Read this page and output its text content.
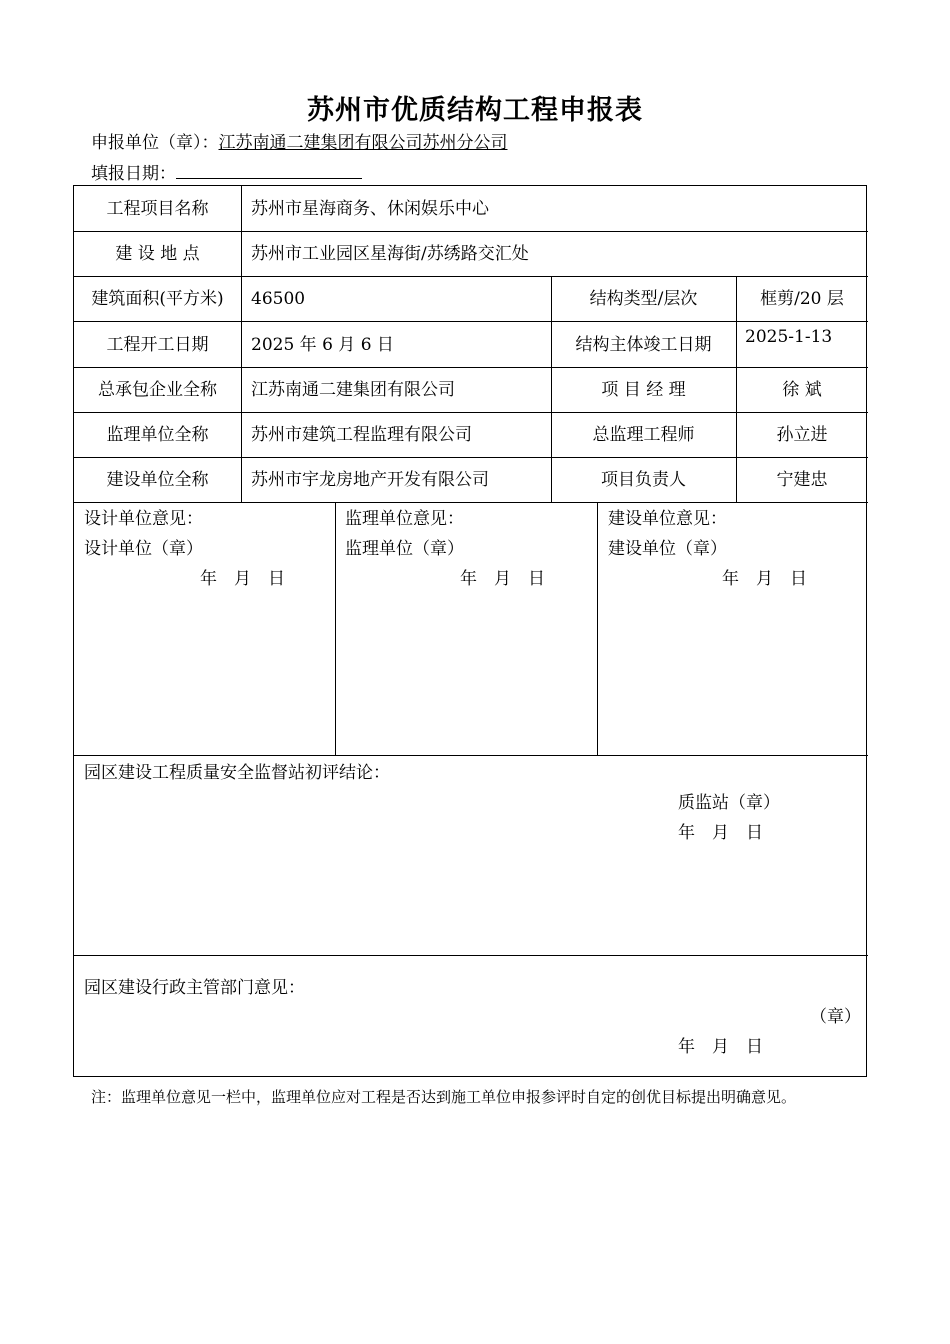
苏州市优质结构工程申报表
申报单位（章）：江苏南通二建集团有限公司苏州分公司
填报日期：
工程项目名称	苏州市星海商务、休闲娱乐中心
建 设 地 点	苏州市工业园区星海街/苏绣路交汇处
建筑面积(平方米)	46500	结构类型/层次	框剪/20 层
工程开工日期	2025 年 6 月 6 日	结构主体竣工日期	2025-1-13
总承包企业全称	江苏南通二建集团有限公司	项 目 经 理	徐 斌
监理单位全称	苏州市建筑工程监理有限公司	总监理工程师	孙立进
建设单位全称	苏州市宇龙房地产开发有限公司	项目负责人	宁建忠
设计单位意见：
设计单位（章）
年　月　日
监理单位意见：
监理单位（章）
年　月　日
建设单位意见：
建设单位（章）
年　月　日
园区建设工程质量安全监督站初评结论：
质监站（章）
年　月　日
园区建设行政主管部门意见：
（章）
年　月　日
注：监理单位意见一栏中，监理单位应对工程是否达到施工单位申报参评时自定的创优目标提出明确意见。
